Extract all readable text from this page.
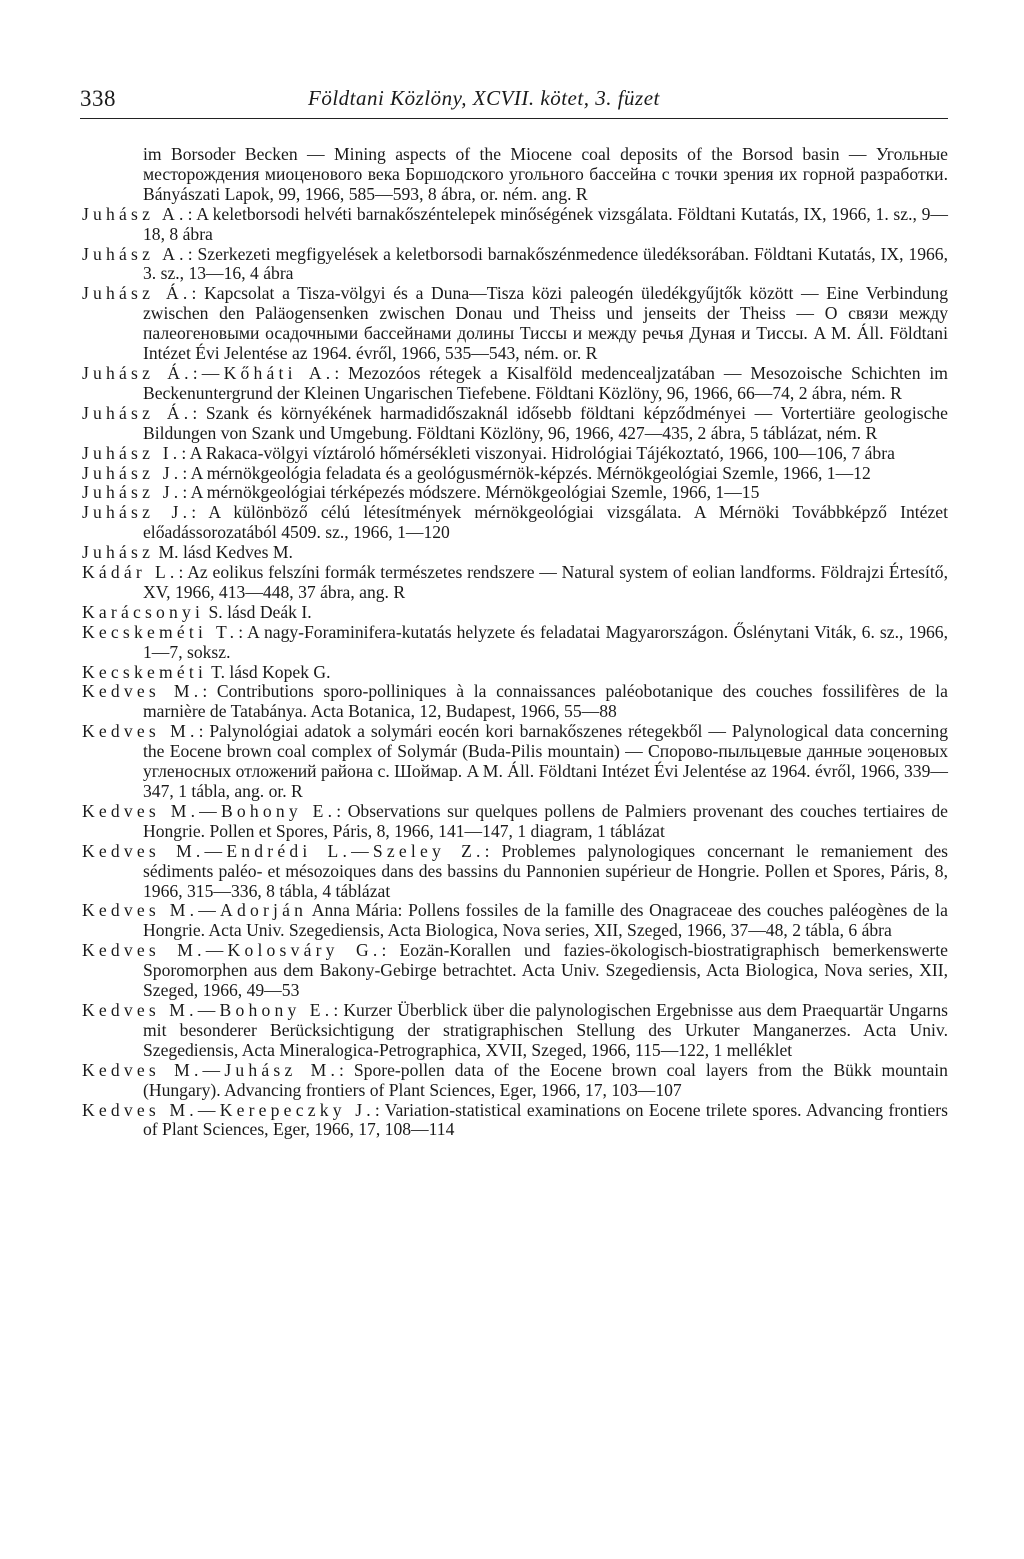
338	Földtani Közlöny, XCVII. kötet, 3. füzet

im Borsoder Becken — Mining aspects of the Miocene coal deposits of the Borsod basin — Угольные месторождения миоценового века Боршодского угольного бассейна с точки зрения их горной разработки. Bányászati Lapok, 99, 1966, 585—593, 8 ábra, or. ném. ang. R

Juhász A.: A keletborsodi helvéti barnakőszéntelepek minőségének vizsgálata. Földtani Kutatás, IX, 1966, 1. sz., 9—18, 8 ábra

Juhász A.: Szerkezeti megfigyelések a keletborsodi barnakőszénmedence üledéksorában. Földtani Kutatás, IX, 1966, 3. sz., 13—16, 4 ábra

Juhász Á.: Kapcsolat a Tisza-völgyi és a Duna—Tisza közi paleogén üledékgyűjtők között — Eine Verbindung zwischen den Paläogensenken zwischen Donau und Theiss und jenseits der Theiss — О связи между палеогеновыми осадочными бассейнами долины Тиссы и между речья Дуная и Тиссы. A M. Áll. Földtani Intézet Évi Jelentése az 1964. évről, 1966, 535—543, ném. or. R

Juhász Á.:—Kőháti A.: Mezozóos rétegek a Kisalföld medencealjzatában — Mesozoische Schichten im Beckenuntergrund der Kleinen Ungarischen Tiefebene. Földtani Közlöny, 96, 1966, 66—74, 2 ábra, ném. R

Juhász Á.: Szank és környékének harmadidőszaknál idősebb földtani képződményei — Vortertiäre geologische Bildungen von Szank und Umgebung. Földtani Közlöny, 96, 1966, 427—435, 2 ábra, 5 táblázat, ném. R

Juhász I.: A Rakaca-völgyi víztároló hőmérsékleti viszonyai. Hidrológiai Tájékoztató, 1966, 100—106, 7 ábra

Juhász J.: A mérnökgeológia feladata és a geológusmérnök-képzés. Mérnökgeológiai Szemle, 1966, 1—12

Juhász J.: A mérnökgeológiai térképezés módszere. Mérnökgeológiai Szemle, 1966, 1—15

Juhász J.: A különböző célú létesítmények mérnökgeológiai vizsgálata. A Mérnöki Továbbképző Intézet előadássorozatából 4509. sz., 1966, 1—120

Juhász M. lásd Kedves M.

Kádár L.: Az eolikus felszíni formák természetes rendszere — Natural system of eolian landforms. Földrajzi Értesítő, XV, 1966, 413—448, 37 ábra, ang. R

Karácsonyi S. lásd Deák I.

Kecskeméti T.: A nagy-Foraminifera-kutatás helyzete és feladatai Magyarországon. Őslénytani Viták, 6. sz., 1966, 1—7, soksz.

Kecskeméti T. lásd Kopek G.

Kedves M.: Contributions sporo-polliniques à la connaissances paléobotanique des couches fossilifères de la marnière de Tatabánya. Acta Botanica, 12, Budapest, 1966, 55—88

Kedves M.: Palynológiai adatok a solymári eocén kori barnakőszenes rétegekből — Palynological data concerning the Eocene brown coal complex of Solymár (Buda-Pilis mountain) — Спорово-пыльцевые данные эоценовых угленосных отложений района с. Шоймар. A M. Áll. Földtani Intézet Évi Jelentése az 1964. évről, 1966, 339—347, 1 tábla, ang. or. R

Kedves M.—Bohony E.: Observations sur quelques pollens de Palmiers provenant des couches tertiaires de Hongrie. Pollen et Spores, Páris, 8, 1966, 141—147, 1 diagram, 1 táblázat

Kedves M.—Endrédi L.—Szeley Z.: Problemes palynologiques concernant le remaniement des sédiments paléo- et mésozoiques dans des bassins du Pannonien supérieur de Hongrie. Pollen et Spores, Páris, 8, 1966, 315—336, 8 tábla, 4 táblázat

Kedves M.—Adorján Anna Mária: Pollens fossiles de la famille des Onagraceae des couches paléogènes de la Hongrie. Acta Univ. Szegediensis, Acta Biologica, Nova series, XII, Szeged, 1966, 37—48, 2 tábla, 6 ábra

Kedves M.—Kolosváry G.: Eozän-Korallen und fazies-ökologisch-biostratigraphisch bemerkenswerte Sporomorphen aus dem Bakony-Gebirge betrachtet. Acta Univ. Szegediensis, Acta Biologica, Nova series, XII, Szeged, 1966, 49—53

Kedves M.—Bohony E.: Kurzer Überblick über die palynologischen Ergebnisse aus dem Praequartär Ungarns mit besonderer Berücksichtigung der stratigraphischen Stellung des Urkuter Manganerzes. Acta Univ. Szegediensis, Acta Mineralogica-Petrographica, XVII, Szeged, 1966, 115—122, 1 melléklet

Kedves M.—Juhász M.: Spore-pollen data of the Eocene brown coal layers from the Bükk mountain (Hungary). Advancing frontiers of Plant Sciences, Eger, 1966, 17, 103—107

Kedves M.—Kerepeczky J.: Variation-statistical examinations on Eocene trilete spores. Advancing frontiers of Plant Sciences, Eger, 1966, 17, 108—114
